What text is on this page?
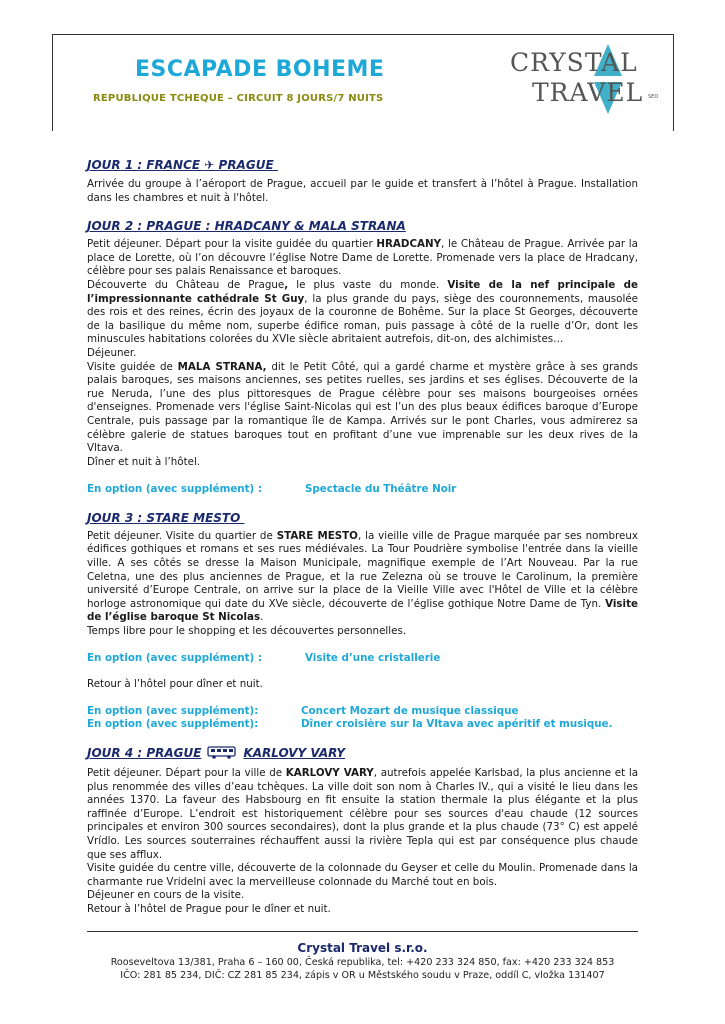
ESCAPADE BOHEME
REPUBLIQUE TCHEQUE – CIRCUIT 8 JOURS/7 NUITS
CRYSTAL
TRAVEL SEO

JOUR 1 : FRANCE ✈ PRAGUE

Arrivée du groupe à l’aéroport de Prague, accueil par le guide et transfert à l’hôtel à Prague. Installation dans les chambres et nuit à l'hôtel.

JOUR 2 : PRAGUE : HRADCANY & MALA STRANA

Petit déjeuner. Départ pour la visite guidée du quartier HRADCANY, le Château de Prague. Arrivée par la place de Lorette, où l’on découvre l’église Notre Dame de Lorette. Promenade vers la place de Hradcany, célèbre pour ses palais Renaissance et baroques.

Découverte du Château de Prague, le plus vaste du monde. Visite de la nef principale de l’impressionnante cathédrale St Guy, la plus grande du pays, siège des couronnements, mausolée des rois et des reines, écrin des joyaux de la couronne de Bohême. Sur la place St Georges, découverte de la basilique du même nom, superbe édifice roman, puis passage à côté de la ruelle d’Or, dont les minuscules habitations colorées du XVIe siècle abritaient autrefois, dit-on, des alchimistes…

Déjeuner.

Visite guidée de MALA STRANA, dit le Petit Côté, qui a gardé charme et mystère grâce à ses grands palais baroques, ses maisons anciennes, ses petites ruelles, ses jardins et ses églises. Découverte de la rue Neruda, l’une des plus pittoresques de Prague célèbre pour ses maisons bourgeoises ornées d'enseignes. Promenade vers l'église Saint-Nicolas qui est l’un des plus beaux édifices baroque d’Europe Centrale, puis passage par la romantique île de Kampa. Arrivés sur le pont Charles, vous admirerez sa célèbre galerie de statues baroques tout en profitant d’une vue imprenable sur les deux rives de la Vltava.

Dîner et nuit à l’hôtel.

En option (avec supplément) :	Spectacle du Théâtre Noir

JOUR 3 : STARE MESTO

Petit déjeuner. Visite du quartier de STARE MESTO, la vieille ville de Prague marquée par ses nombreux édifices gothiques et romans et ses rues médiévales. La Tour Poudrière symbolise l'entrée dans la vieille ville. A ses côtés se dresse la Maison Municipale, magnifique exemple de l’Art Nouveau. Par la rue Celetna, une des plus anciennes de Prague, et la rue Zelezna où se trouve le Carolinum, la première université d’Europe Centrale, on arrive sur la place de la Vieille Ville avec l'Hôtel de Ville et la célèbre horloge astronomique qui date du XVe siècle, découverte de l’église gothique Notre Dame de Tyn. Visite de l’église baroque St Nicolas.

Temps libre pour le shopping et les découvertes personnelles.

En option (avec supplément) :	Visite d’une cristallerie

Retour à l’hôtel pour dîner et nuit.

En option (avec supplément):	Concert Mozart de musique classique

En option (avec supplément):	Dîner croisière sur la Vltava avec apéritif et musique.

JOUR 4 : PRAGUE	KARLOVY VARY

Petit déjeuner. Départ pour la ville de KARLOVY VARY, autrefois appelée Karlsbad, la plus ancienne et la plus renommée des villes d’eau tchèques. La ville doit son nom à Charles IV., qui a visité le lieu dans les années 1370. La faveur des Habsbourg en fit ensuite la station thermale la plus élégante et la plus raffinée d’Europe. L’endroit est historiquement célèbre pour ses sources d'eau chaude (12 sources principales et environ 300 sources secondaires), dont la plus grande et la plus chaude (73° C) est appelé Vrídlo. Les sources souterraines réchauffent aussi la rivière Tepla qui est par conséquence plus chaude que ses afflux.

Visite guidée du centre ville, découverte de la colonnade du Geyser et celle du Moulin. Promenade dans la charmante rue Vridelni avec la merveilleuse colonnade du Marché tout en bois.

Déjeuner en cours de la visite.

Retour à l’hôtel de Prague pour le dîner et nuit.

Crystal Travel s.r.o.
Rooseveltova 13/381, Praha 6 – 160 00, Česká republika, tel: +420 233 324 850, fax: +420 233 324 853
IČO: 281 85 234, DIČ: CZ 281 85 234, zápis v OR u Městského soudu v Praze, oddíl C, vložka 131407
